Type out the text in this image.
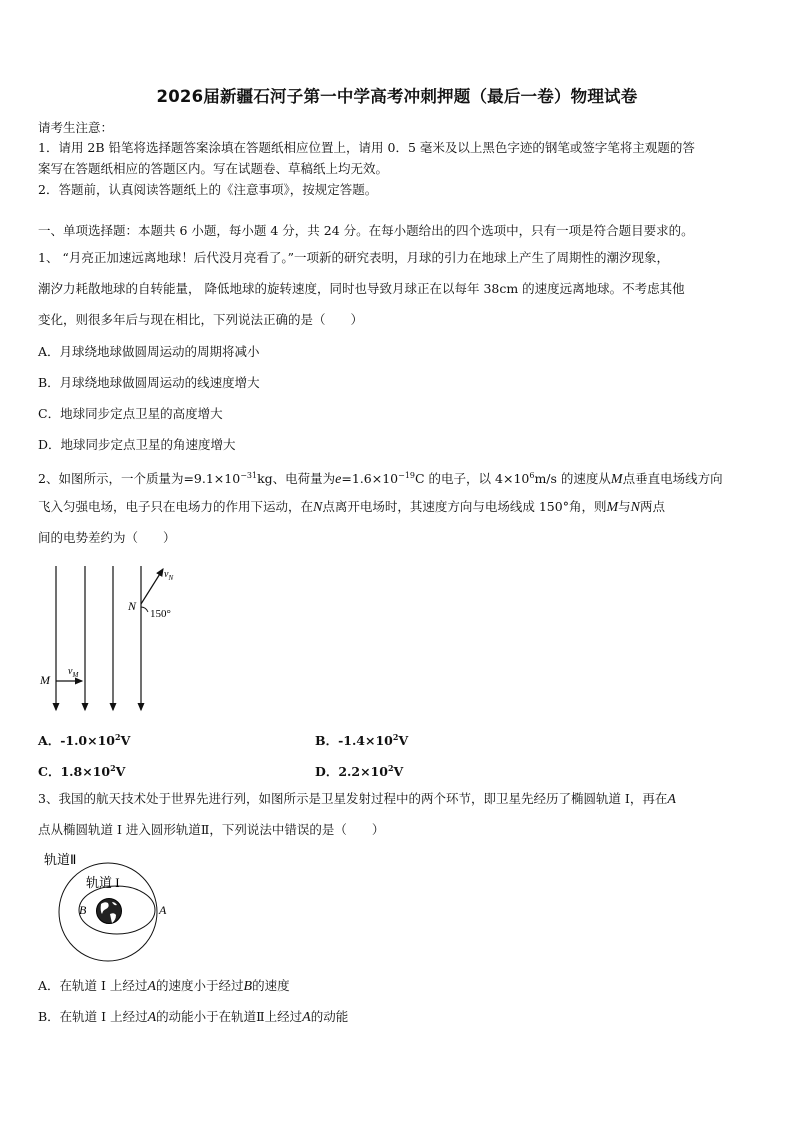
2026届新疆石河子第一中学高考冲刺押题（最后一卷）物理试卷
请考生注意：
1．请用 2B 铅笔将选择题答案涂填在答题纸相应位置上，请用 0．5 毫米及以上黑色字迹的钢笔或签字笔将主观题的答
案写在答题纸相应的答题区内。写在试题卷、草稿纸上均无效。
2．答题前，认真阅读答题纸上的《注意事项》，按规定答题。
一、单项选择题：本题共 6 小题，每小题 4 分，共 24 分。在每小题给出的四个选项中，只有一项是符合题目要求的。
1、 “月亮正加速远离地球！后代没月亮看了。”一项新的研究表明，月球的引力在地球上产生了周期性的潮汐现象，
潮汐力耗散地球的自转能量， 降低地球的旋转速度，同时也导致月球正在以每年 38cm 的速度远离地球。不考虑其他
变化，则很多年后与现在相比，下列说法正确的是（　　）
A．月球绕地球做圆周运动的周期将减小
B．月球绕地球做圆周运动的线速度增大
C．地球同步定点卫星的高度增大
D．地球同步定点卫星的角速度增大
2、如图所示，一个质量为$=9.1\times 10^{-31}kg$、电荷量为$e=1.6\times 10^{-19}C$ 的电子，以 $4\times 10^6m/s$ 的速度从M点垂直电场线方向
飞入匀强电场，电子只在电场力的作用下运动，在N点离开电场时，其速度方向与电场线成 150°角，则M与N两点
间的电势差约为（　　）
$v_N$
N
150°
M
$v_M$
A．$-1.0\times 10^2V$	B．$-1.4\times 10^2V$
C．$1.8\times 10^2V$	D．$2.2\times 10^2V$
3、我国的航天技术处于世界先进行列，如图所示是卫星发射过程中的两个环节，即卫星先经历了椭圆轨道 I，再在A
点从椭圆轨道 I 进入圆形轨道Ⅱ，下列说法中错误的是（　　）
轨道Ⅱ
轨道 I
B	A
A．在轨道 I 上经过A的速度小于经过B的速度
B．在轨道 I 上经过A的动能小于在轨道Ⅱ上经过A的动能
